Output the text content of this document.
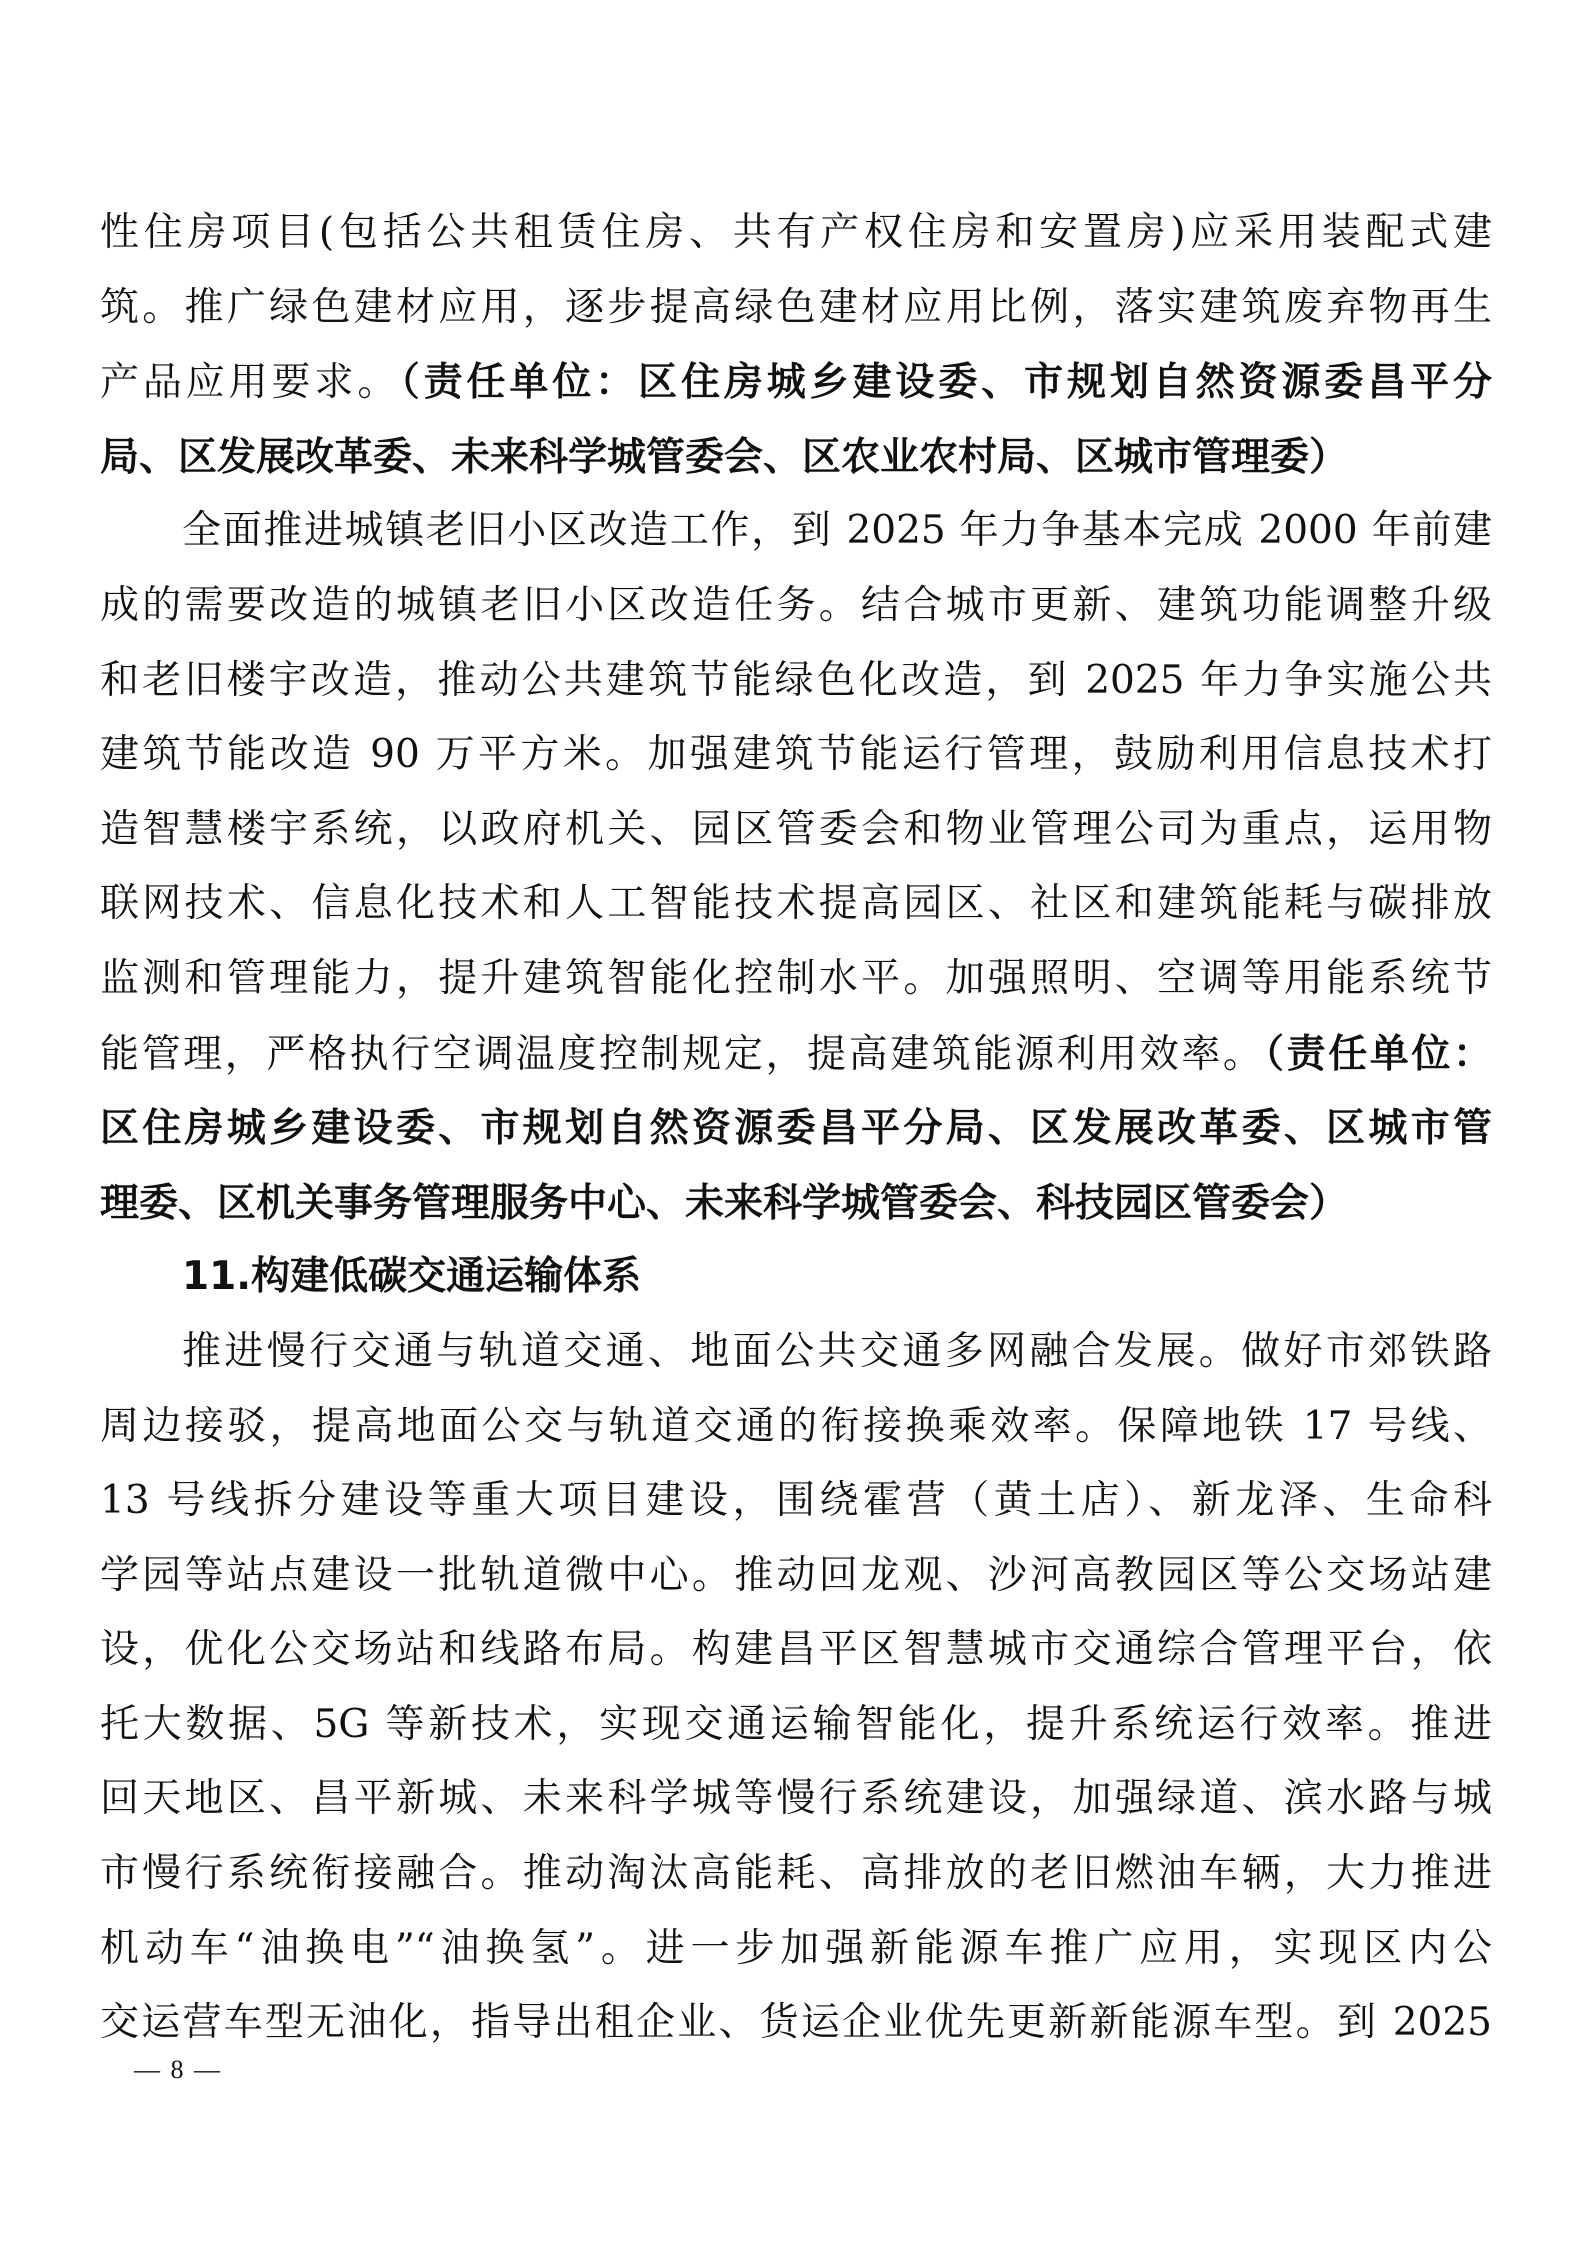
性住房项目(包括公共租赁住房、共有产权住房和安置房)应采用装配式建
筑。推广绿色建材应用，逐步提高绿色建材应用比例，落实建筑废弃物再生
产品应用要求。（责任单位：区住房城乡建设委、市规划自然资源委昌平分
局、区发展改革委、未来科学城管委会、区农业农村局、区城市管理委）
全面推进城镇老旧小区改造工作，到 2025 年力争基本完成 2000 年前建
成的需要改造的城镇老旧小区改造任务。结合城市更新、建筑功能调整升级
和老旧楼宇改造，推动公共建筑节能绿色化改造，到 2025 年力争实施公共
建筑节能改造 90 万平方米。加强建筑节能运行管理，鼓励利用信息技术打
造智慧楼宇系统，以政府机关、园区管委会和物业管理公司为重点，运用物
联网技术、信息化技术和人工智能技术提高园区、社区和建筑能耗与碳排放
监测和管理能力，提升建筑智能化控制水平。加强照明、空调等用能系统节
能管理，严格执行空调温度控制规定，提高建筑能源利用效率。（责任单位：
区住房城乡建设委、市规划自然资源委昌平分局、区发展改革委、区城市管
理委、区机关事务管理服务中心、未来科学城管委会、科技园区管委会）
11.构建低碳交通运输体系
推进慢行交通与轨道交通、地面公共交通多网融合发展。做好市郊铁路
周边接驳，提高地面公交与轨道交通的衔接换乘效率。保障地铁 17 号线、
13 号线拆分建设等重大项目建设，围绕霍营（黄土店）、新龙泽、生命科
学园等站点建设一批轨道微中心。推动回龙观、沙河高教园区等公交场站建
设，优化公交场站和线路布局。构建昌平区智慧城市交通综合管理平台，依
托大数据、5G 等新技术，实现交通运输智能化，提升系统运行效率。推进
回天地区、昌平新城、未来科学城等慢行系统建设，加强绿道、滨水路与城
市慢行系统衔接融合。推动淘汰高能耗、高排放的老旧燃油车辆，大力推进
机动车“油换电”“油换氢”。进一步加强新能源车推广应用，实现区内公
交运营车型无油化，指导出租企业、货运企业优先更新新能源车型。到 2025
— 8 —
